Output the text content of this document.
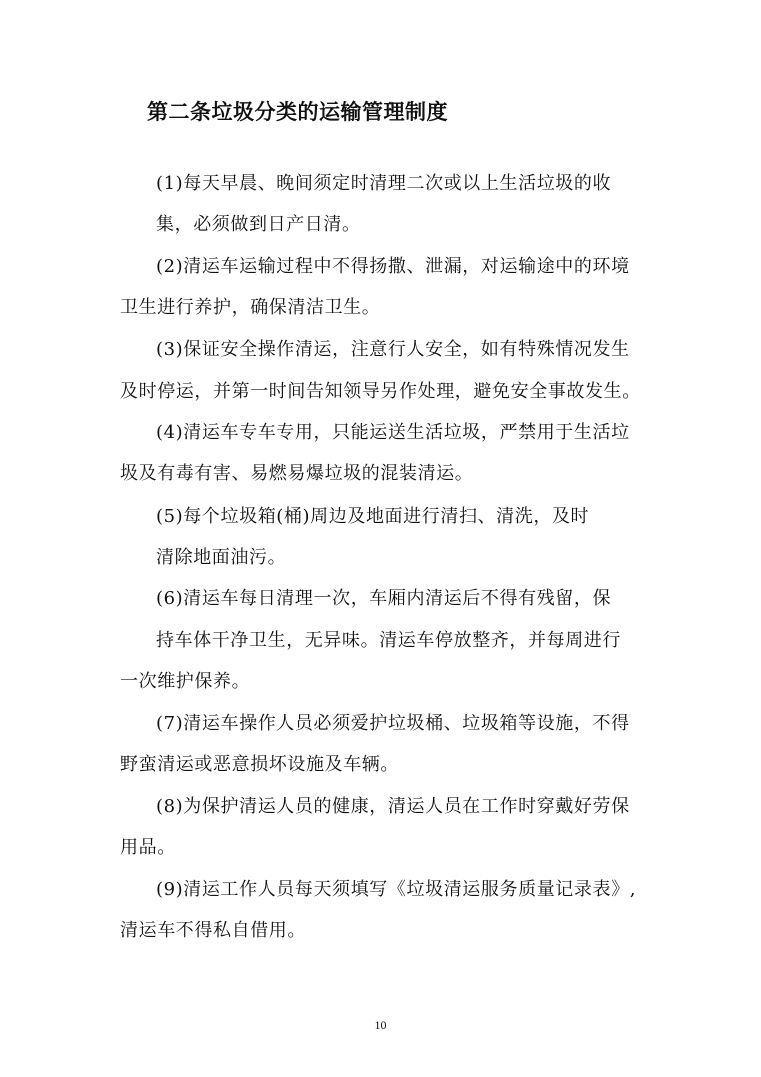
第二条垃圾分类的运输管理制度
(1)每天早晨、晚间须定时清理二次或以上生活垃圾的收
集，必须做到日产日清。
(2)清运车运输过程中不得扬撒、泄漏，对运输途中的环境
卫生进行养护，确保清洁卫生。
(3)保证安全操作清运，注意行人安全，如有特殊情况发生
及时停运，并第一时间告知领导另作处理，避免安全事故发生。
(4)清运车专车专用，只能运送生活垃圾，严禁用于生活垃
圾及有毒有害、易燃易爆垃圾的混装清运。
(5)每个垃圾箱(桶)周边及地面进行清扫、清洗，及时
清除地面油污。
(6)清运车每日清理一次，车厢内清运后不得有残留，保
持车体干净卫生，无异味。清运车停放整齐，并每周进行
一次维护保养。
(7)清运车操作人员必须爱护垃圾桶、垃圾箱等设施，不得
野蛮清运或恶意损坏设施及车辆。
(8)为保护清运人员的健康，清运人员在工作时穿戴好劳保
用品。
(9)清运工作人员每天须填写《垃圾清运服务质量记录表》,
清运车不得私自借用。
10
